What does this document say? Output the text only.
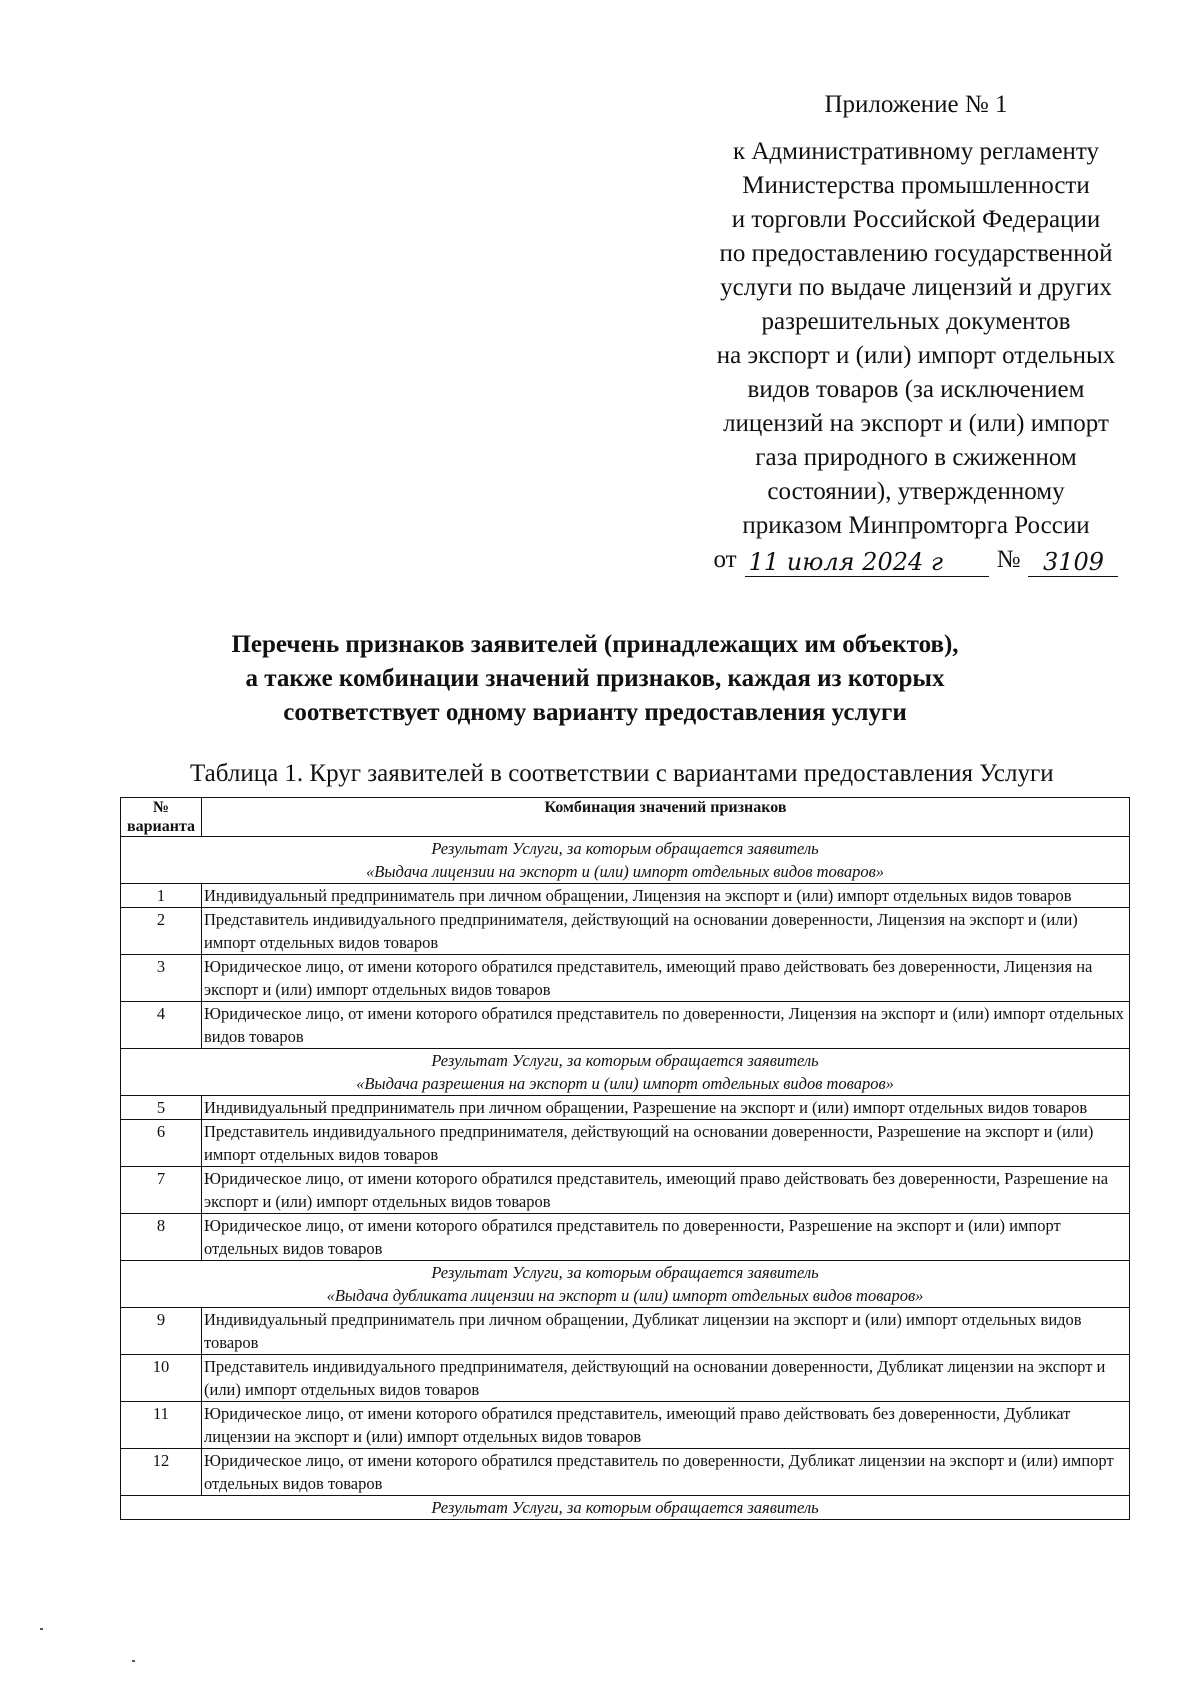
Приложение № 1
к Административному регламенту
Министерства промышленности
и торговли Российской Федерации
по предоставлению государственной
услуги по выдаче лицензий и других
разрешительных документов
на экспорт и (или) импорт отдельных
видов товаров (за исключением
лицензий на экспорт и (или) импорт
газа природного в сжиженном
состоянии), утвержденному
приказом Минпромторга России
от 11 июля 2024 г	№ 3109
Перечень признаков заявителей (принадлежащих им объектов),
а также комбинации значений признаков, каждая из которых
соответствует одному варианту предоставления услуги
Таблица 1. Круг заявителей в соответствии с вариантами предоставления Услуги
№
варианта	Комбинация значений признаков

Результат Услуги, за которым обращается заявитель
«Выдача лицензии на экспорт и (или) импорт отдельных видов товаров»	

1	Индивидуальный предприниматель при личном обращении, Лицензия на экспорт и (или) импорт отдельных видов товаров
2	Представитель индивидуального предпринимателя, действующий на основании доверенности, Лицензия на экспорт и (или) импорт отдельных видов товаров
3	Юридическое лицо, от имени которого обратился представитель, имеющий право действовать без доверенности, Лицензия на экспорт и (или) импорт отдельных видов товаров
4	Юридическое лицо, от имени которого обратился представитель по доверенности, Лицензия на экспорт и (или) импорт отдельных видов товаров

Результат Услуги, за которым обращается заявитель
«Выдача разрешения на экспорт и (или) импорт отдельных видов товаров»	

5	Индивидуальный предприниматель при личном обращении, Разрешение на экспорт и (или) импорт отдельных видов товаров
6	Представитель индивидуального предпринимателя, действующий на основании доверенности, Разрешение на экспорт и (или) импорт отдельных видов товаров
7	Юридическое лицо, от имени которого обратился представитель, имеющий право действовать без доверенности, Разрешение на экспорт и (или) импорт отдельных видов товаров
8	Юридическое лицо, от имени которого обратился представитель по доверенности, Разрешение на экспорт и (или) импорт отдельных видов товаров

Результат Услуги, за которым обращается заявитель
«Выдача дубликата лицензии на экспорт и (или) импорт отдельных видов товаров»	

9	Индивидуальный предприниматель при личном обращении, Дубликат лицензии на экспорт и (или) импорт отдельных видов товаров
10	Представитель индивидуального предпринимателя, действующий на основании доверенности, Дубликат лицензии на экспорт и (или) импорт отдельных видов товаров
11	Юридическое лицо, от имени которого обратился представитель, имеющий право действовать без доверенности, Дубликат лицензии на экспорт и (или) импорт отдельных видов товаров
12	Юридическое лицо, от имени которого обратился представитель по доверенности, Дубликат лицензии на экспорт и (или) импорт отдельных видов товаров

Результат Услуги, за которым обращается заявитель	
